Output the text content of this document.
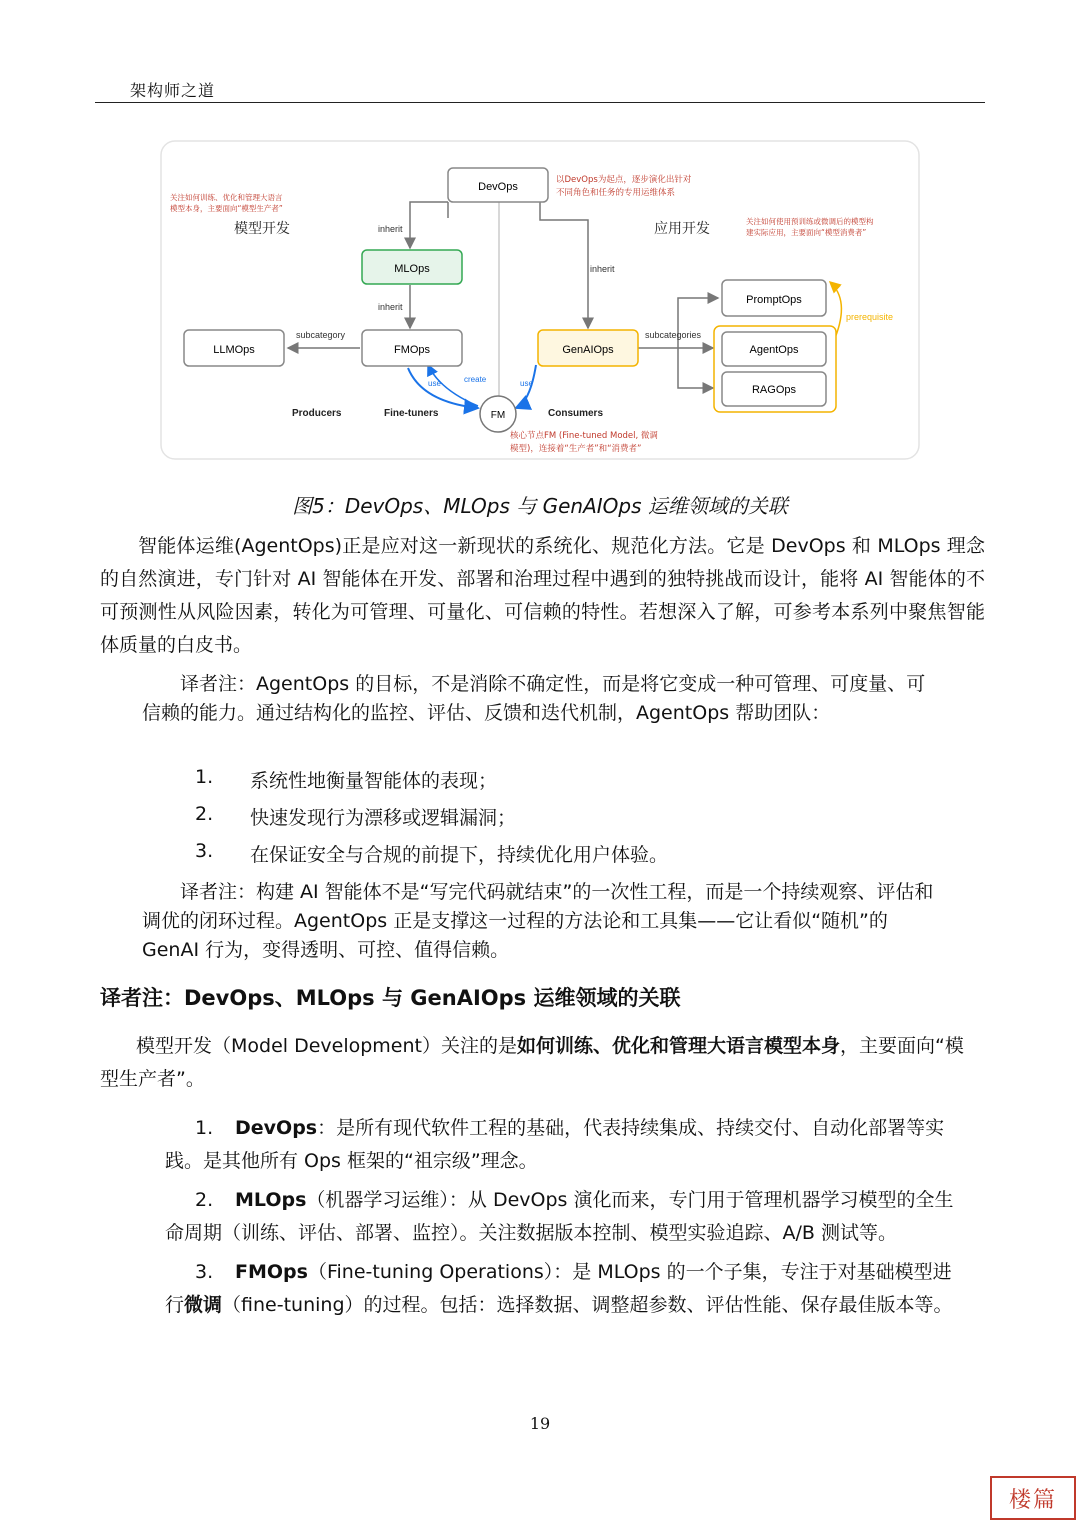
架构师之道
DevOps
MLOps
FMOps
LLMOps	GenAIOps
PromptOps
AgentOps
RAGOps
FM
inherit
inherit
inherit
subcategory	subcategories
prerequisite
use	create	use
模型开发	应用开发
Producers	Fine-tuners	Consumers
以DevOps为起点，逐步演化出针对
不同角色和任务的专用运维体系
关注如何训练、优化和管理大语言
模型本身，主要面向“模型生产者”
关注如何使用预训练或微调后的模型构
建实际应用，主要面向“模型消费者”
核心节点FM (Fine-tuned Model, 微调
模型)，连接着“生产者”和“消费者”
图5：DevOps、MLOps 与 GenAIOps 运维领域的关联

智能体运维(AgentOps)正是应对这一新现状的系统化、规范化方法。它是 DevOps 和 MLOps 理念的自然演进，专门针对 AI 智能体在开发、部署和治理过程中遇到的独特挑战而设计，能将 AI 智能体的不可预测性从风险因素，转化为可管理、可量化、可信赖的特性。若想深入了解，可参考本系列中聚焦智能体质量的白皮书。

译者注：AgentOps 的目标，不是消除不确定性，而是将它变成一种可管理、可度量、可信赖的能力。通过结构化的监控、评估、反馈和迭代机制，AgentOps 帮助团队：

1.	系统性地衡量智能体的表现；
2.	快速发现行为漂移或逻辑漏洞；
3.	在保证安全与合规的前提下，持续优化用户体验。

译者注：构建 AI 智能体不是“写完代码就结束”的一次性工程，而是一个持续观察、评估和调优的闭环过程。AgentOps 正是支撑这一过程的方法论和工具集——它让看似“随机”的 GenAI 行为，变得透明、可控、值得信赖。

译者注：DevOps、MLOps 与 GenAIOps 运维领域的关联

模型开发（Model Development）关注的是如何训练、优化和管理大语言模型本身，主要面向“模型生产者”。

1. DevOps：是所有现代软件工程的基础，代表持续集成、持续交付、自动化部署等实践。是其他所有 Ops 框架的“祖宗级”理念。

2. MLOps（机器学习运维）：从 DevOps 演化而来，专门用于管理机器学习模型的全生命周期（训练、评估、部署、监控）。关注数据版本控制、模型实验追踪、A/B 测试等。

3. FMOps（Fine-tuning Operations）：是 MLOps 的一个子集，专注于对基础模型进行微调（fine-tuning）的过程。包括：选择数据、调整超参数、评估性能、保存最佳版本等。

19
楼篇
